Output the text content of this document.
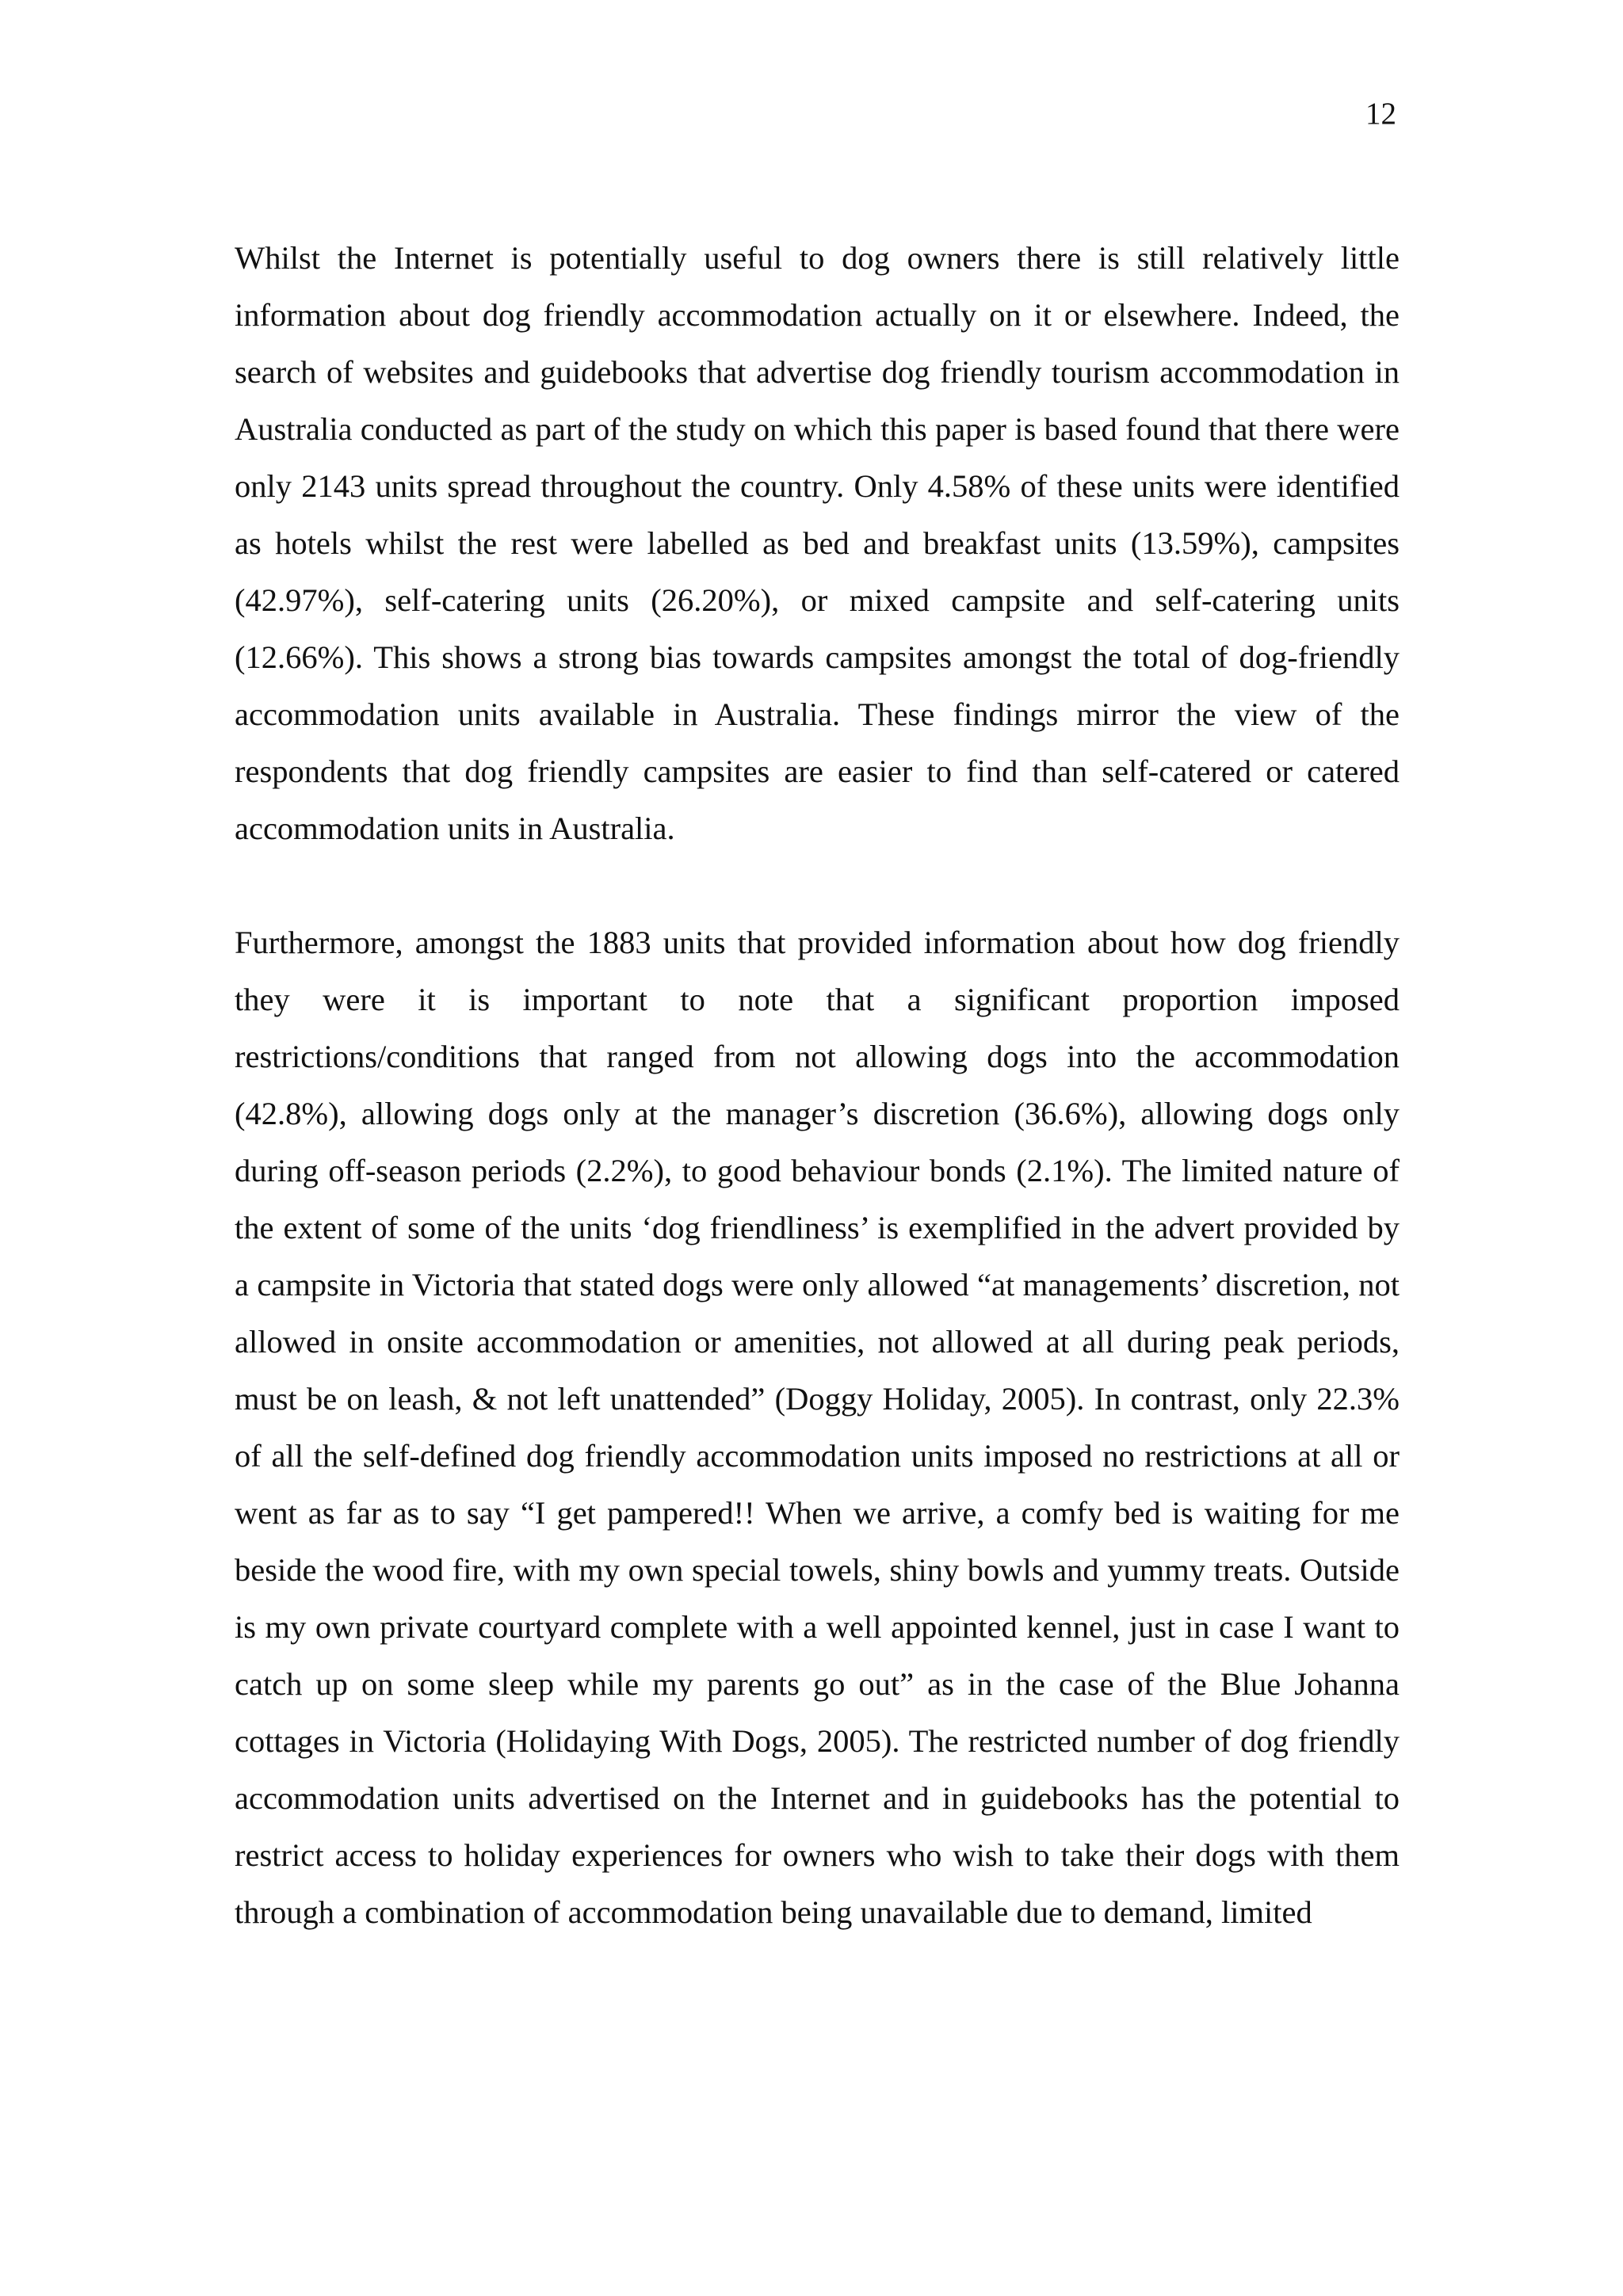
12

Whilst the Internet is potentially useful to dog owners there is still relatively little information about dog friendly accommodation actually on it or elsewhere. Indeed, the search of websites and guidebooks that advertise dog friendly tourism accommodation in Australia conducted as part of the study on which this paper is based found that there were only 2143 units spread throughout the country. Only 4.58% of these units were identified as hotels whilst the rest were labelled as bed and breakfast units (13.59%), campsites (42.97%), self-catering units (26.20%), or mixed campsite and self-catering units (12.66%). This shows a strong bias towards campsites amongst the total of dog-friendly accommodation units available in Australia. These findings mirror the view of the respondents that dog friendly campsites are easier to find than self-catered or catered accommodation units in Australia.

Furthermore, amongst the 1883 units that provided information about how dog friendly they were it is important to note that a significant proportion imposed restrictions/conditions that ranged from not allowing dogs into the accommodation (42.8%), allowing dogs only at the manager’s discretion (36.6%), allowing dogs only during off-season periods (2.2%), to good behaviour bonds (2.1%). The limited nature of the extent of some of the units ‘dog friendliness’ is exemplified in the advert provided by a campsite in Victoria that stated dogs were only allowed “at managements’ discretion, not allowed in onsite accommodation or amenities, not allowed at all during peak periods, must be on leash, & not left unattended” (Doggy Holiday, 2005). In contrast, only 22.3% of all the self-defined dog friendly accommodation units imposed no restrictions at all or went as far as to say “I get pampered!! When we arrive, a comfy bed is waiting for me beside the wood fire, with my own special towels, shiny bowls and yummy treats. Outside is my own private courtyard complete with a well appointed kennel, just in case I want to catch up on some sleep while my parents go out” as in the case of the Blue Johanna cottages in Victoria (Holidaying With Dogs, 2005). The restricted number of dog friendly accommodation units advertised on the Internet and in guidebooks has the potential to restrict access to holiday experiences for owners who wish to take their dogs with them through a combination of accommodation being unavailable due to demand, limited
